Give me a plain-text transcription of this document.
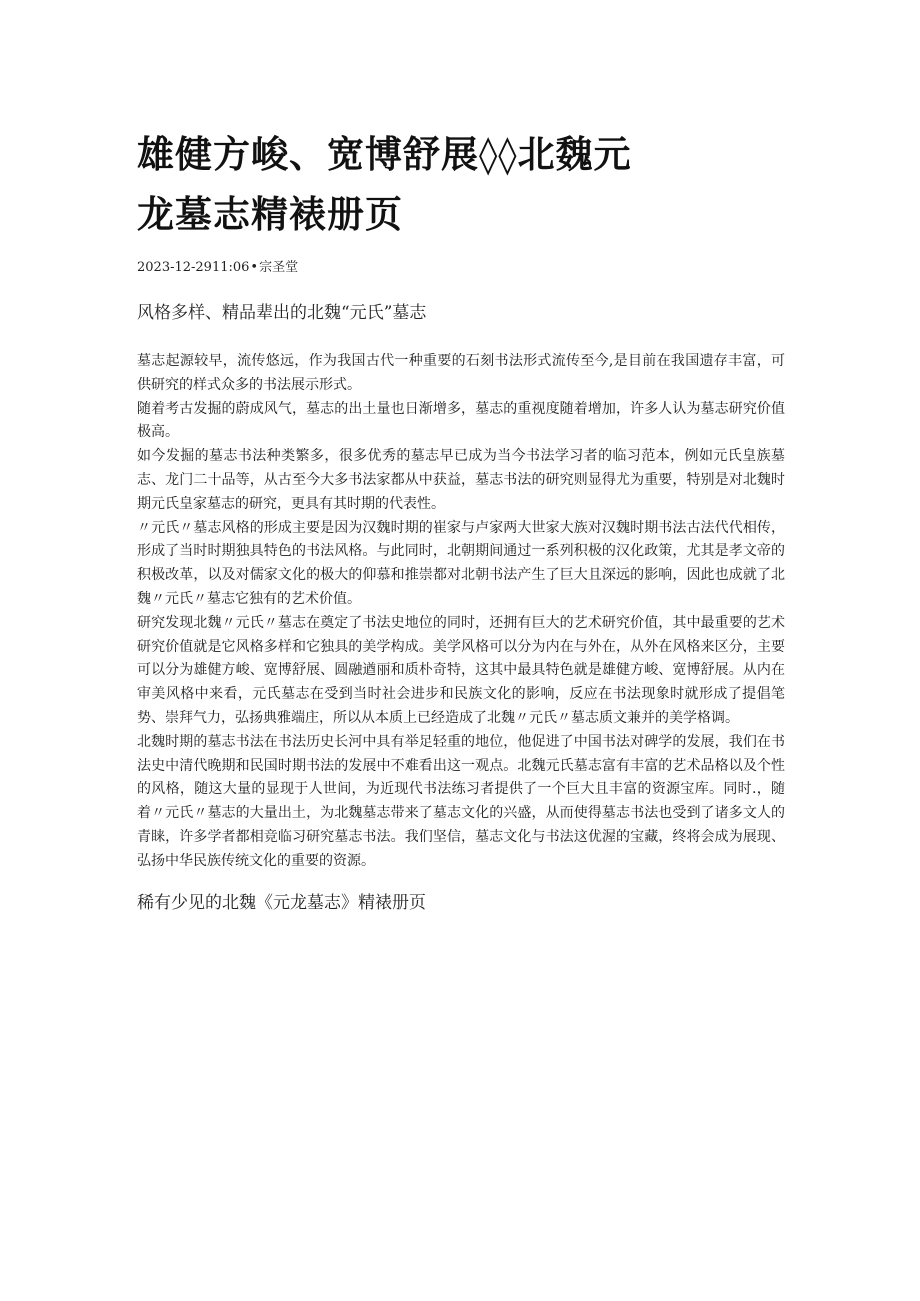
雄健方峻、宽博舒展◊◊北魏元
龙墓志精裱册页
2023-12-2911:06•宗圣堂
风格多样、精品辈出的北魏“元氏”墓志

墓志起源较早，流传悠远，作为我国古代一种重要的石刻书法形式流传至今,是目前在我国遗存丰富，可供研究的样式众多的书法展示形式。

随着考古发掘的蔚成风气，墓志的出土量也日渐增多，墓志的重视度随着增加，许多人认为墓志研究价值极高。

如今发掘的墓志书法种类繁多，很多优秀的墓志早已成为当今书法学习者的临习范本，例如元氏皇族墓志、龙门二十品等，从古至今大多书法家都从中获益，墓志书法的研究则显得尤为重要，特别是对北魏时期元氏皇家墓志的研究，更具有其时期的代表性。

〃元氏〃墓志风格的形成主要是因为汉魏时期的崔家与卢家两大世家大族对汉魏时期书法古法代代相传，形成了当时时期独具特色的书法风格。与此同时，北朝期间通过一系列积极的汉化政策，尤其是孝文帝的积极改革，以及对儒家文化的极大的仰慕和推崇都对北朝书法产生了巨大且深远的影响，因此也成就了北魏〃元氏〃墓志它独有的艺术价值。

研究发现北魏〃元氏〃墓志在奠定了书法史地位的同时，还拥有巨大的艺术研究价值，其中最重要的艺术研究价值就是它风格多样和它独具的美学构成。美学风格可以分为内在与外在，从外在风格来区分，主要可以分为雄健方峻、宽博舒展、圆融遒丽和质朴奇特，这其中最具特色就是雄健方峻、宽博舒展。从内在审美风格中来看，元氏墓志在受到当时社会进步和民族文化的影响，反应在书法现象时就形成了提倡笔势、崇拜气力，弘扬典雅端庄，所以从本质上已经造成了北魏〃元氏〃墓志质文兼并的美学格调。

北魏时期的墓志书法在书法历史长河中具有举足轻重的地位，他促进了中国书法对碑学的发展，我们在书法史中清代晚期和民国时期书法的发展中不难看出这一观点。北魏元氏墓志富有丰富的艺术品格以及个性的风格，随这大量的显现于人世间，为近现代书法练习者提供了一个巨大且丰富的资源宝库。同时.，随着〃元氏〃墓志的大量出土，为北魏墓志带来了墓志文化的兴盛，从而使得墓志书法也受到了诸多文人的青睐，许多学者都相竞临习研究墓志书法。我们坚信，墓志文化与书法这优渥的宝藏，终将会成为展现、弘扬中华民族传统文化的重要的资源。

稀有少见的北魏《元龙墓志》精裱册页
